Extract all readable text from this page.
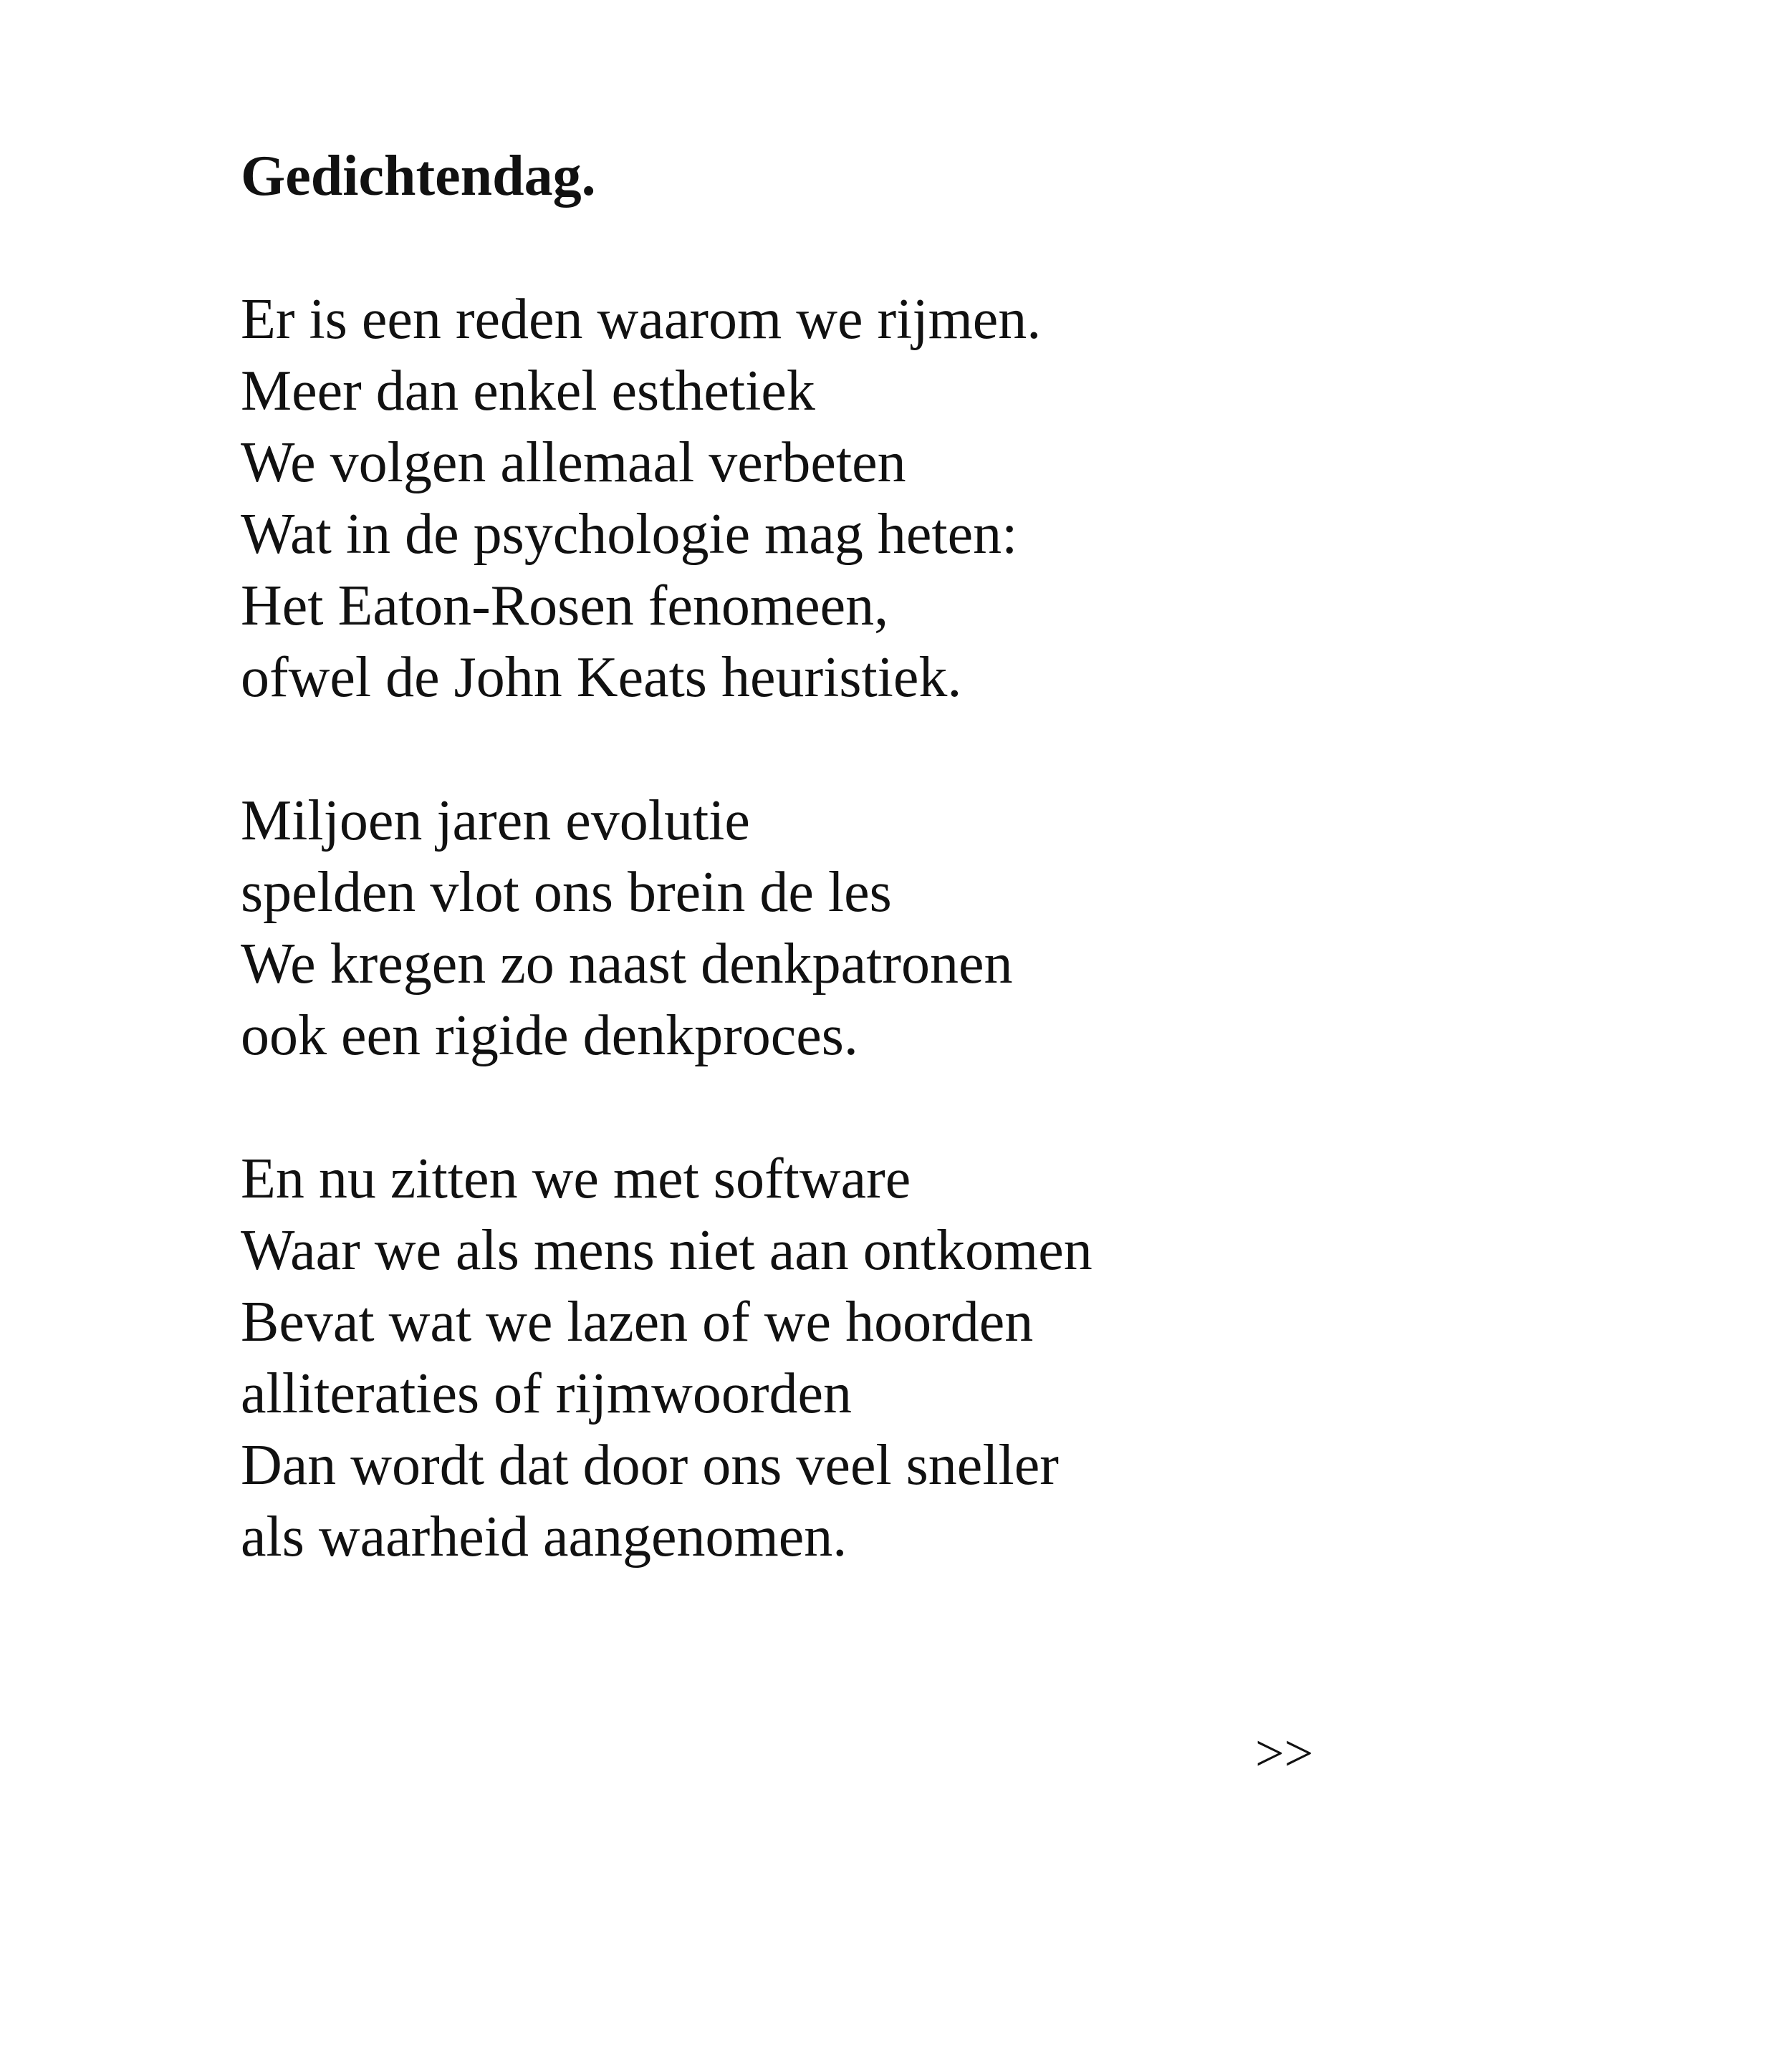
Gedichtendag.
Er is een reden waarom we rijmen.
Meer dan enkel esthetiek
We volgen allemaal verbeten
Wat in de psychologie mag heten:
Het Eaton-Rosen fenomeen,
ofwel de John Keats heuristiek.
Miljoen jaren evolutie
spelden vlot ons brein de les
We kregen zo naast denkpatronen
ook een rigide denkproces.
En nu zitten we met software
Waar we als mens niet aan ontkomen
Bevat wat we lazen of we hoorden
alliteraties of rijmwoorden
Dan wordt dat door ons veel sneller
als waarheid aangenomen.
>>
